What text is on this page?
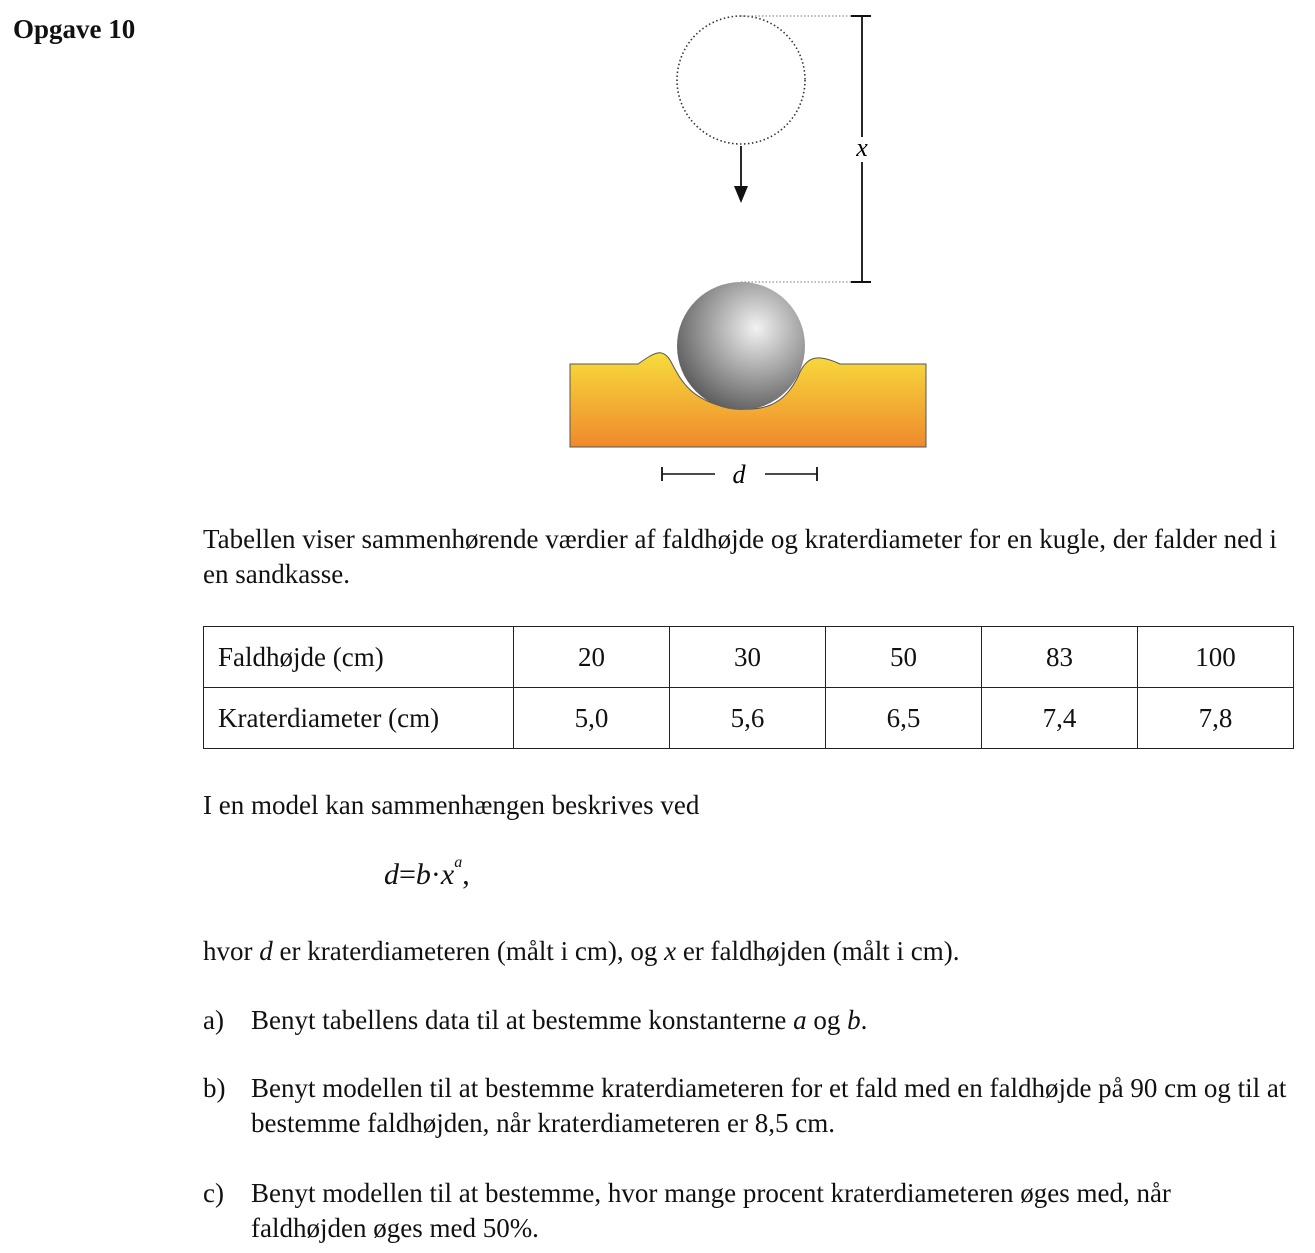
Opgave 10
x
d
Tabellen viser sammenhørende værdier af faldhøjde og kraterdiameter for en kugle, der falder ned i en sandkasse.
Faldhøjde (cm)	20	30	50	83	100
Kraterdiameter (cm)	5,0	5,6	6,5	7,4	7,8
I en model kan sammenhængen beskrives ved
$d=b\cdot x^a$,
hvor d er kraterdiameteren (målt i cm), og x er faldhøjden (målt i cm).
a) Benyt tabellens data til at bestemme konstanterne a og b.
b) Benyt modellen til at bestemme kraterdiameteren for et fald med en faldhøjde på 90 cm og til at bestemme faldhøjden, når kraterdiameteren er 8,5 cm.
c) Benyt modellen til at bestemme, hvor mange procent kraterdiameteren øges med, når faldhøjden øges med 50%.
